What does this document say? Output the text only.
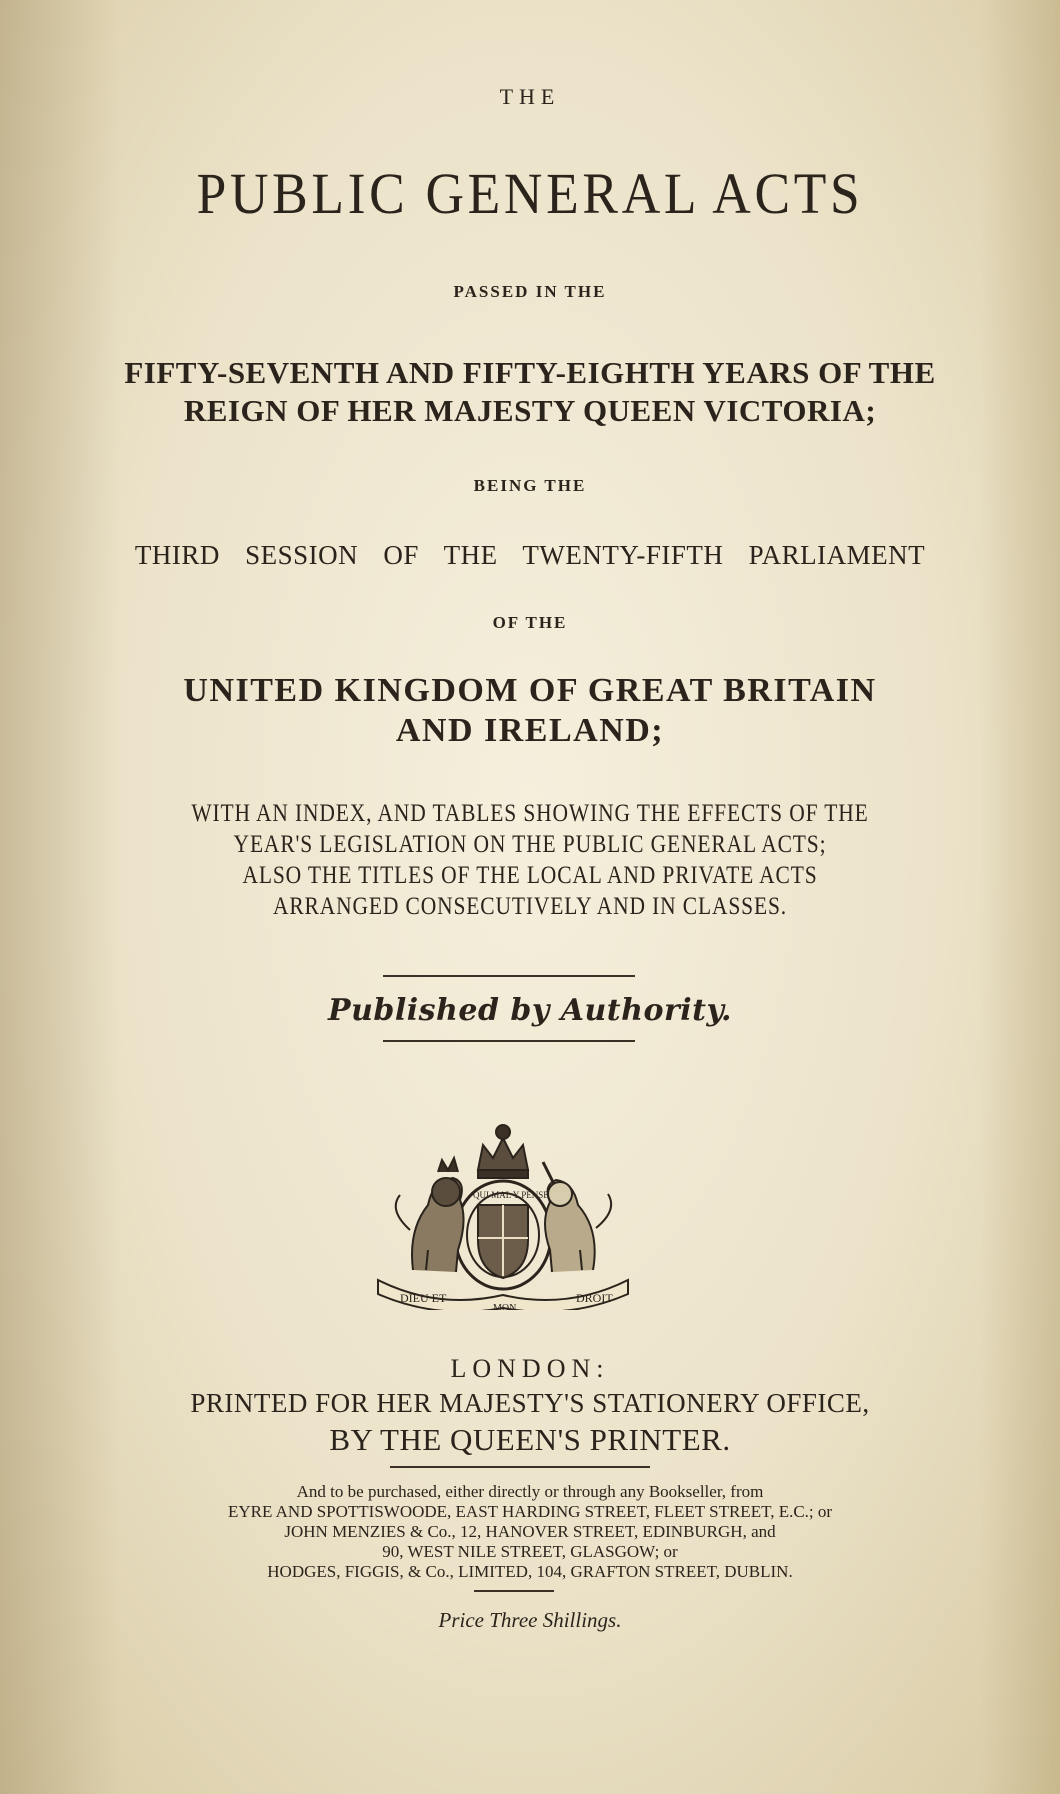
THE
PUBLIC GENERAL ACTS
PASSED IN THE
FIFTY-SEVENTH AND FIFTY-EIGHTH YEARS OF THE
REIGN OF HER MAJESTY QUEEN VICTORIA;
BEING THE
THIRD SESSION OF THE TWENTY-FIFTH PARLIAMENT
OF THE
UNITED KINGDOM OF GREAT BRITAIN
AND IRELAND;
WITH AN INDEX, AND TABLES SHOWING THE EFFECTS OF THE
YEAR'S LEGISLATION ON THE PUBLIC GENERAL ACTS;
ALSO THE TITLES OF THE LOCAL AND PRIVATE ACTS
ARRANGED CONSECUTIVELY AND IN CLASSES.
Published by Authority.
DIEU ET
MON
DROIT
QUI MAL Y PENSE
LONDON:
PRINTED FOR HER MAJESTY'S STATIONERY OFFICE,
BY THE QUEEN'S PRINTER.
And to be purchased, either directly or through any Bookseller, from
EYRE AND SPOTTISWOODE, EAST HARDING STREET, FLEET STREET, E.C.; or
JOHN MENZIES & Co., 12, HANOVER STREET, EDINBURGH, and
90, WEST NILE STREET, GLASGOW; or
HODGES, FIGGIS, & Co., LIMITED, 104, GRAFTON STREET, DUBLIN.
Price Three Shillings.
